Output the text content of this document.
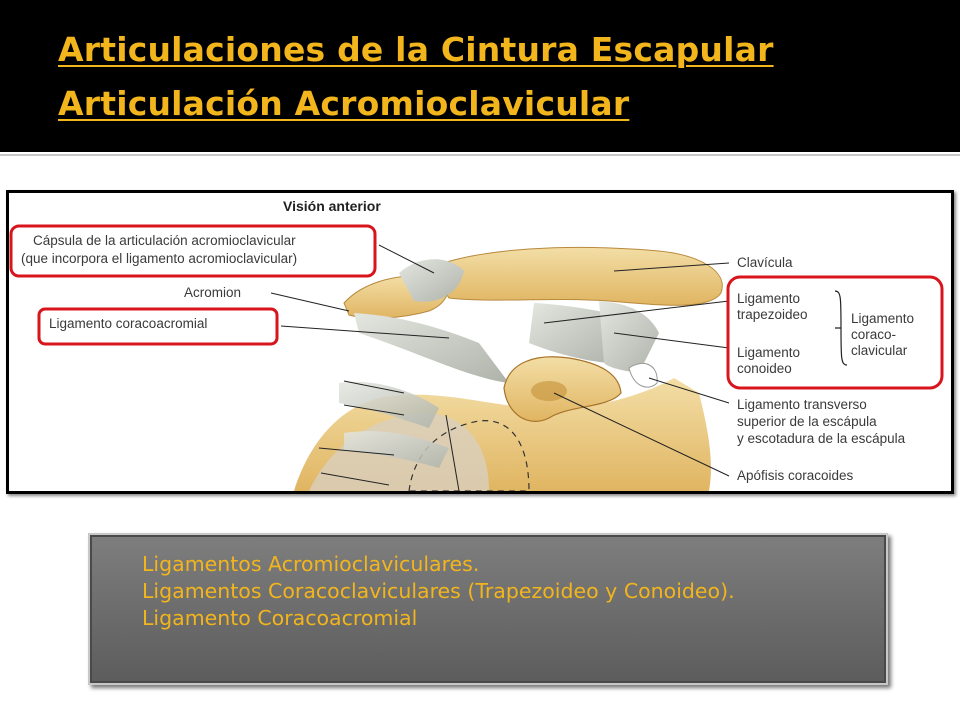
Articulaciones de la Cintura Escapular
Articulación Acromioclavicular
Visión anterior
Cápsula de la articulación acromioclavicular
(que incorpora el ligamento acromioclavicular)
Acromion
Ligamento coracoacromial
Clavícula
Ligamento
trapezoideo
Ligamento
conoideo
Ligamento
coraco-
clavicular
Ligamento transverso
superior de la escápula
y escotadura de la escápula
Apófisis coracoides
Ligamentos Acromioclaviculares.
Ligamentos Coracoclaviculares (Trapezoideo y Conoideo).
Ligamento Coracoacromial
